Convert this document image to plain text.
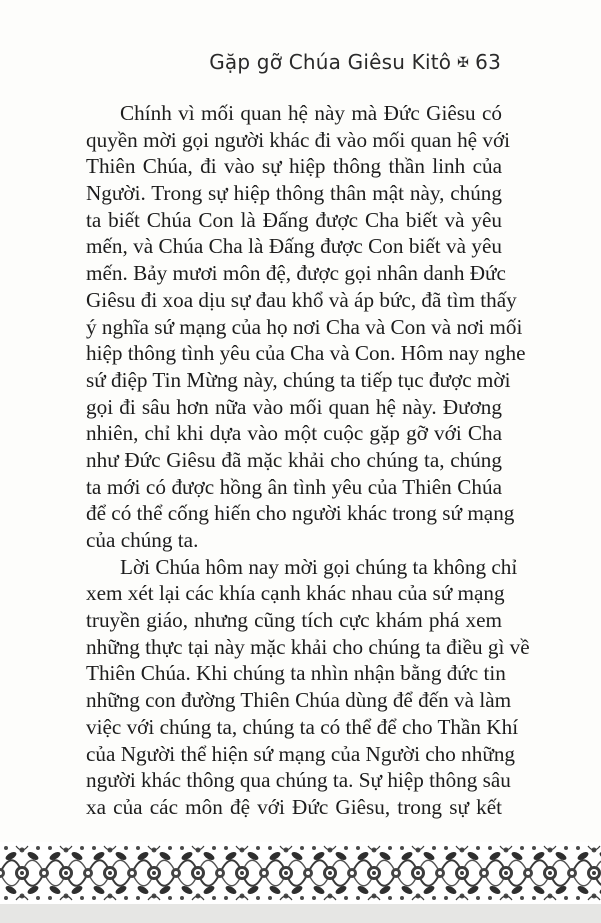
Gặp gỡ Chúa Giêsu Kitô ✠ 63
Chính vì mối quan hệ này mà Đức Giêsu có
quyền mời gọi người khác đi vào mối quan hệ với
Thiên Chúa, đi vào sự hiệp thông thần linh của
Người. Trong sự hiệp thông thân mật này, chúng
ta biết Chúa Con là Đấng được Cha biết và yêu
mến, và Chúa Cha là Đấng được Con biết và yêu
mến. Bảy mươi môn đệ, được gọi nhân danh Đức
Giêsu đi xoa dịu sự đau khổ và áp bức, đã tìm thấy
ý nghĩa sứ mạng của họ nơi Cha và Con và nơi mối
hiệp thông tình yêu của Cha và Con. Hôm nay nghe
sứ điệp Tin Mừng này, chúng ta tiếp tục được mời
gọi đi sâu hơn nữa vào mối quan hệ này. Đương
nhiên, chỉ khi dựa vào một cuộc gặp gỡ với Cha
như Đức Giêsu đã mặc khải cho chúng ta, chúng
ta mới có được hồng ân tình yêu của Thiên Chúa
để có thể cống hiến cho người khác trong sứ mạng
của chúng ta.
Lời Chúa hôm nay mời gọi chúng ta không chỉ
xem xét lại các khía cạnh khác nhau của sứ mạng
truyền giáo, nhưng cũng tích cực khám phá xem
những thực tại này mặc khải cho chúng ta điều gì về
Thiên Chúa. Khi chúng ta nhìn nhận bằng đức tin
những con đường Thiên Chúa dùng để đến và làm
việc với chúng ta, chúng ta có thể để cho Thần Khí
của Người thể hiện sứ mạng của Người cho những
người khác thông qua chúng ta. Sự hiệp thông sâu
xa của các môn đệ với Đức Giêsu, trong sự kết
